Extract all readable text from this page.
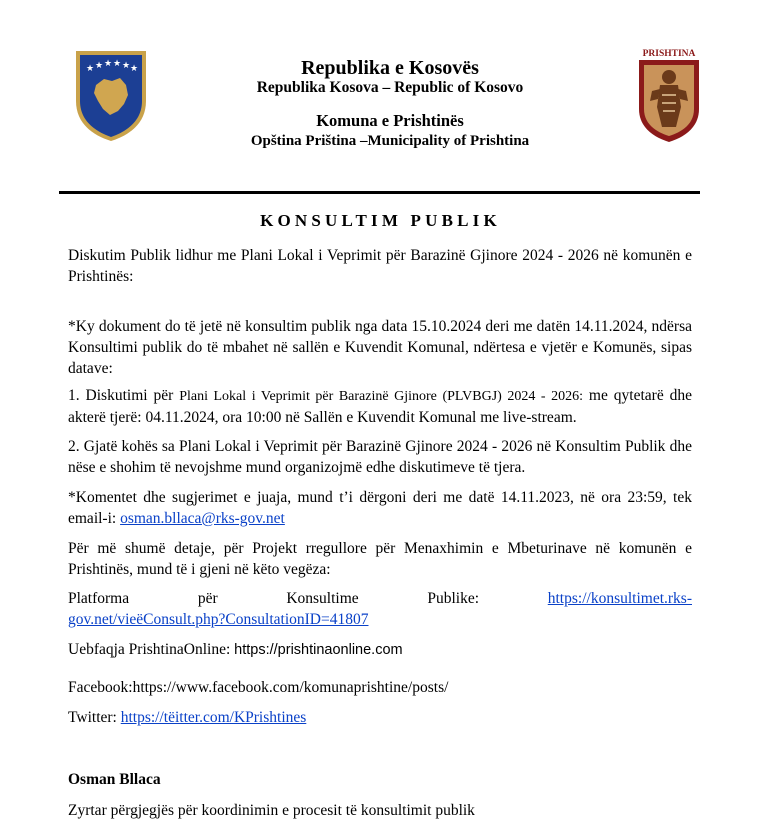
★ ★ ★ ★ ★ ★
PRISHTINA
Republika e Kosovës
Republika Kosova – Republic of Kosovo
Komuna e Prishtinës
Opština Priština –Municipality of Prishtina
KONSULTIM PUBLIK
Diskutim Publik lidhur me Plani Lokal i Veprimit për Barazinë Gjinore 2024 - 2026 në komunën e Prishtinës:
*Ky dokument do të jetë në konsultim publik nga data 15.10.2024 deri me datën 14.11.2024, ndërsa Konsultimi publik do të mbahet në sallën e Kuvendit Komunal, ndërtesa e vjetër e Komunës, sipas datave:
1. Diskutimi për Plani Lokal i Veprimit për Barazinë Gjinore (PLVBGJ) 2024 - 2026: me qytetarë dhe akterë tjerë: 04.11.2024, ora 10:00 në Sallën e Kuvendit Komunal me live-stream.
2. Gjatë kohës sa Plani Lokal i Veprimit për Barazinë Gjinore 2024 - 2026 në Konsultim Publik dhe nëse e shohim të nevojshme mund organizojmë edhe diskutimeve të tjera.
*Komentet dhe sugjerimet e juaja, mund t’i dërgoni deri me datë 14.11.2023, në ora 23:59, tek email-i: osman.bllaca@rks-gov.net
Për më shumë detaje, për Projekt rregullore për Menaxhimin e Mbeturinave në komunën e Prishtinës, mund të i gjeni në këto vegëza:
Platforma	për	Konsultime	Publike:	https://konsultimet.rks-
gov.net/vieëConsult.php?ConsultationID=41807
Uebfaqja PrishtinaOnline: https://prishtinaonline.com
Facebook:https://www.facebook.com/komunaprishtine/posts/
Twitter: https://tëitter.com/KPrishtines
Osman Bllaca
Zyrtar përgjegjës për koordinimin e procesit të konsultimit publik
